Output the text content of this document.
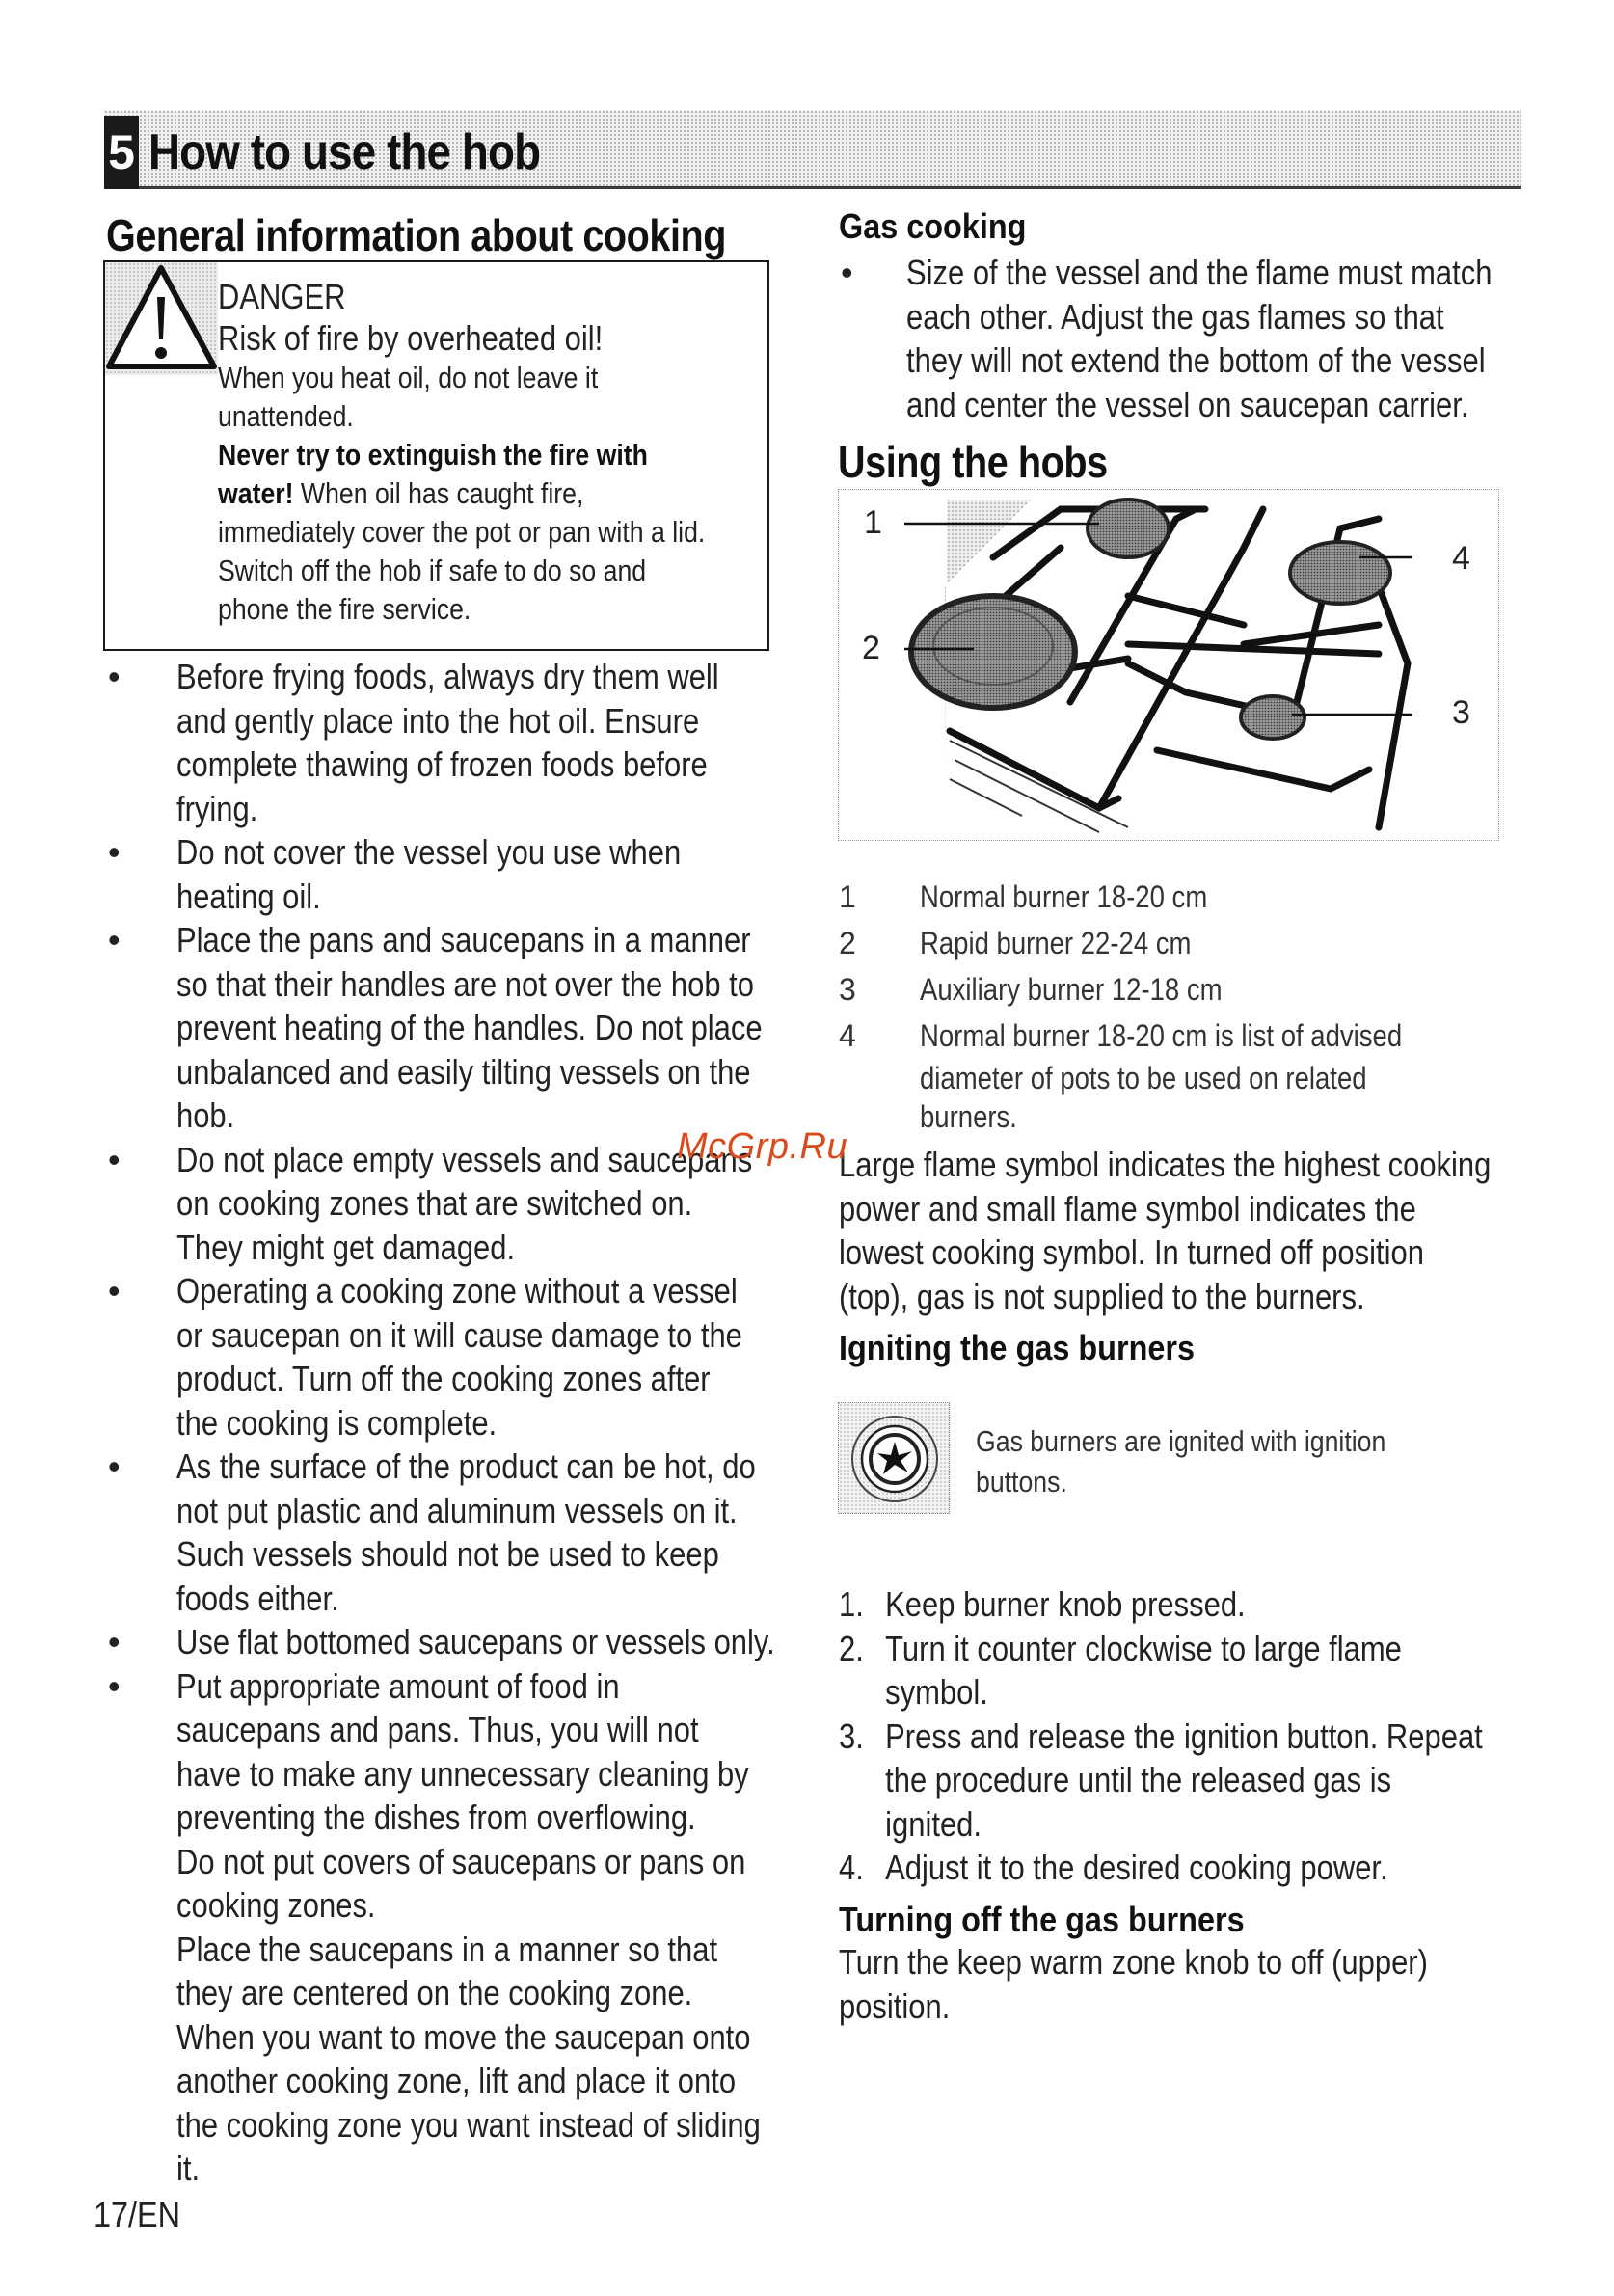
5 How to use the hob
General information about cooking
DANGER
Risk of fire by overheated oil!
When you heat oil, do not leave it
unattended.
Never try to extinguish the fire with
water! When oil has caught fire,
immediately cover the pot or pan with a lid.
Switch off the hob if safe to do so and
phone the fire service.
• Before frying foods, always dry them well
and gently place into the hot oil. Ensure
complete thawing of frozen foods before
frying.
• Do not cover the vessel you use when
heating oil.
• Place the pans and saucepans in a manner
so that their handles are not over the hob to
prevent heating of the handles. Do not place
unbalanced and easily tilting vessels on the
hob.
• Do not place empty vessels and saucepans
on cooking zones that are switched on.
They might get damaged.
• Operating a cooking zone without a vessel
or saucepan on it will cause damage to the
product. Turn off the cooking zones after
the cooking is complete.
• As the surface of the product can be hot, do
not put plastic and aluminum vessels on it.
Such vessels should not be used to keep
foods either.
• Use flat bottomed saucepans or vessels only.
• Put appropriate amount of food in
saucepans and pans. Thus, you will not
have to make any unnecessary cleaning by
preventing the dishes from overflowing.
Do not put covers of saucepans or pans on
cooking zones.
Place the saucepans in a manner so that
they are centered on the cooking zone.
When you want to move the saucepan onto
another cooking zone, lift and place it onto
the cooking zone you want instead of sliding
it.
Gas cooking
• Size of the vessel and the flame must match
each other. Adjust the gas flames so that
they will not extend the bottom of the vessel
and center the vessel on saucepan carrier.
Using the hobs
1
2
3
4
1 Normal burner 18-20 cm
2 Rapid burner 22-24 cm
3 Auxiliary burner 12-18 cm
4 Normal burner 18-20 cm is list of advised
diameter of pots to be used on related
burners.
Large flame symbol indicates the highest cooking
power and small flame symbol indicates the
lowest cooking symbol. In turned off position
(top), gas is not supplied to the burners.
Igniting the gas burners
Gas burners are ignited with ignition
buttons.
1. Keep burner knob pressed.
2. Turn it counter clockwise to large flame
symbol.
3. Press and release the ignition button. Repeat
the procedure until the released gas is
ignited.
4. Adjust it to the desired cooking power.
Turning off the gas burners
Turn the keep warm zone knob to off (upper)
position.
McGrp.Ru
17/EN
